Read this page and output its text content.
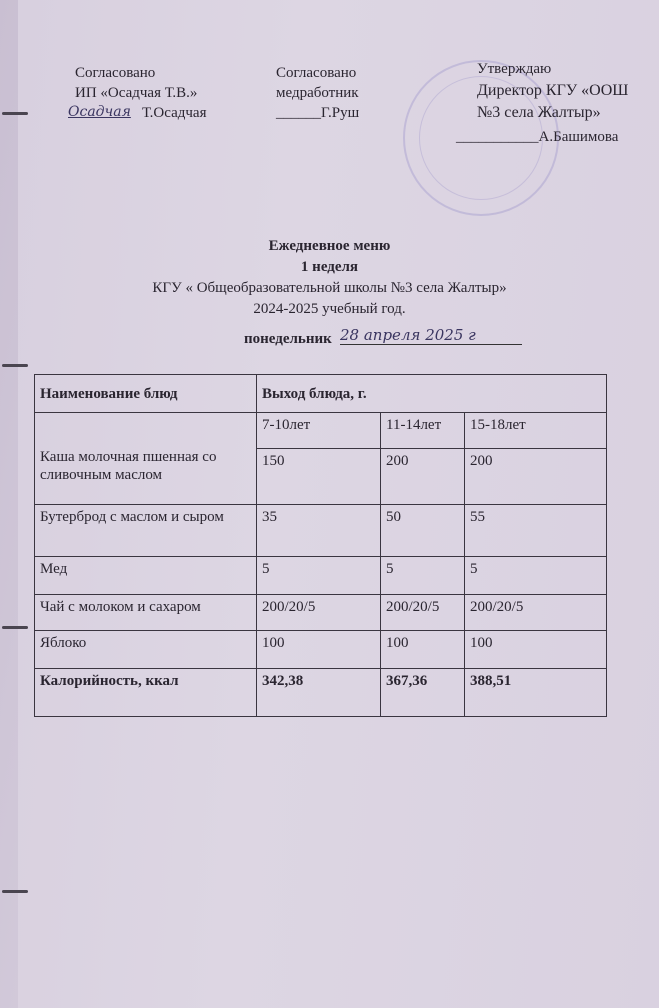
Согласовано
ИП «Осадчая Т.В.»
Осадчая Т.Осадчая
Согласовано
медработник
______Г.Руш
Утверждаю
Директор КГУ «ООШ
№3 села Жалтыр»
___________А.Башимова
Ежедневное меню
1 неделя
КГУ « Общеобразовательной школы №3 села Жалтыр»
2024-2025 учебный год.
понедельник 28 апреля 2025 г
Наименование блюд	Выход блюда, г.		
Каша молочная пшенная со сливочным маслом	7-10лет	11-14лет	15-18лет
	150	200	200
Бутерброд с маслом и сыром	35	50	55
Мед	5	5	5
Чай с молоком и сахаром	200/20/5	200/20/5	200/20/5
Яблоко	100	100	100
Калорийность, ккал	342,38	367,36	388,51
